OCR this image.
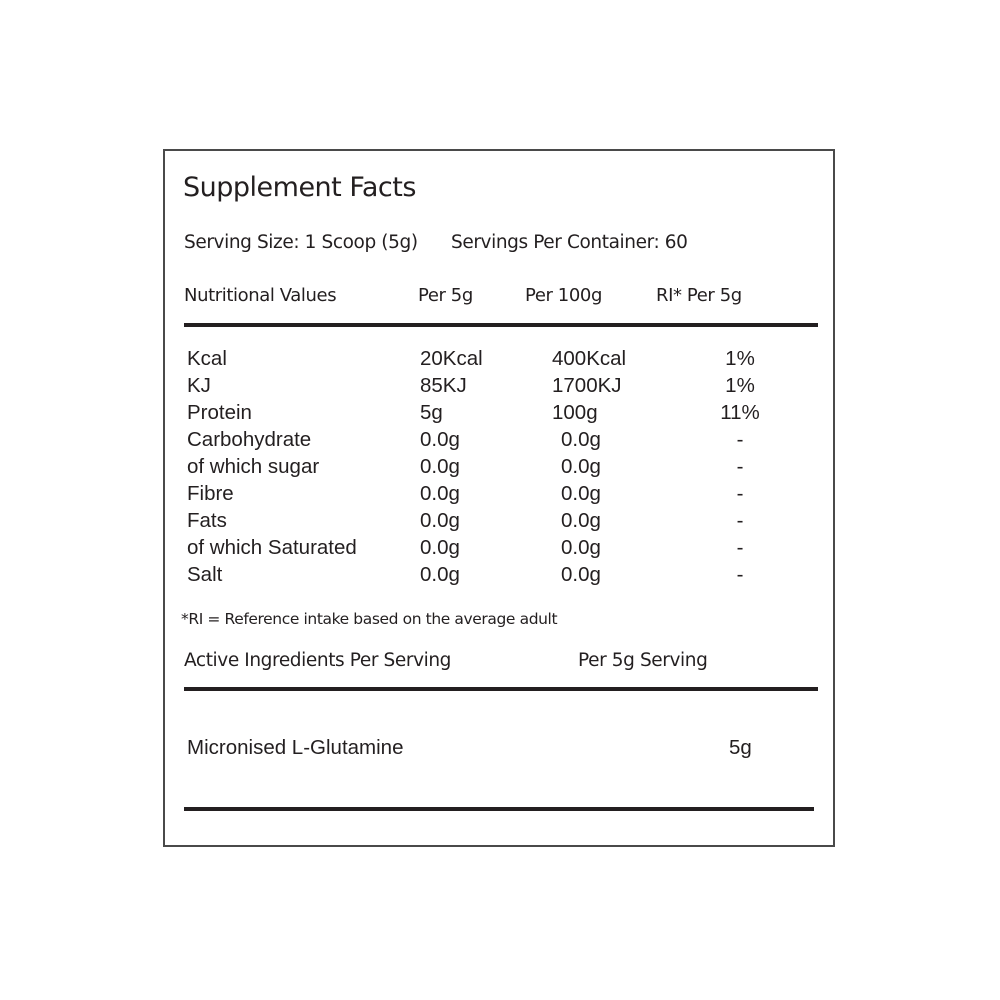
Supplement Facts
Serving Size: 1 Scoop (5g) Servings Per Container: 60
Nutritional Values	Per 5g	Per 100g	RI* Per 5g
Kcal	20Kcal	400Kcal	1%
KJ	85KJ	1700KJ	1%
Protein	5g	100g	11%
Carbohydrate	0.0g	0.0g	-
of which sugar	0.0g	0.0g	-
Fibre	0.0g	0.0g	-
Fats	0.0g	0.0g	-
of which Saturated	0.0g	0.0g	-
Salt	0.0g	0.0g	-
*RI = Reference intake based on the average adult
Active Ingredients Per Serving	Per 5g Serving
Micronised L-Glutamine	5g
